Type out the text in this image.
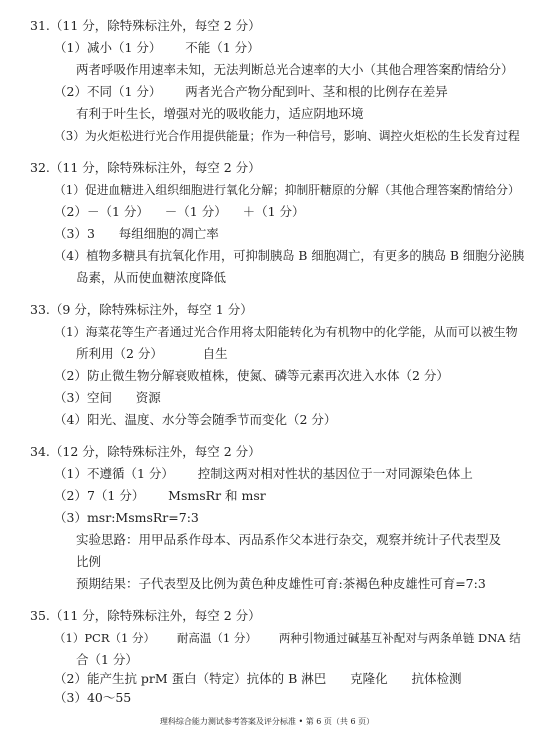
31.（11 分，除特殊标注外，每空 2 分）
（1）减小（1 分）      不能（1 分）
两者呼吸作用速率未知，无法判断总光合速率的大小（其他合理答案酌情给分）
（2）不同（1 分）      两者光合产物分配到叶、茎和根的比例存在差异
有利于叶生长，增强对光的吸收能力，适应阴地环境
（3）为火炬松进行光合作用提供能量；作为一种信号，影响、调控火炬松的生长发育过程
32.（11 分，除特殊标注外，每空 2 分）
（1）促进血糖进入组织细胞进行氧化分解；抑制肝糖原的分解（其他合理答案酌情给分）
（2）－（1 分）    －（1 分）    ＋（1 分）
（3）3      每组细胞的凋亡率
（4）植物多糖具有抗氧化作用，可抑制胰岛 B 细胞凋亡，有更多的胰岛 B 细胞分泌胰
岛素，从而使血糖浓度降低
33.（9 分，除特殊标注外，每空 1 分）
（1）海菜花等生产者通过光合作用将太阳能转化为有机物中的化学能，从而可以被生物
所利用（2 分）          自生
（2）防止微生物分解衰败植株，使氮、磷等元素再次进入水体（2 分）
（3）空间      资源
（4）阳光、温度、水分等会随季节而变化（2 分）
34.（12 分，除特殊标注外，每空 2 分）
（1）不遵循（1 分）      控制这两对相对性状的基因位于一对同源染色体上
（2）7（1 分）      MsmsRr 和 msr
（3）msr:MsmsRr=7:3
实验思路：用甲品系作母本、丙品系作父本进行杂交，观察并统计子代表型及
比例
预期结果：子代表型及比例为黄色种皮雄性可育:茶褐色种皮雄性可育=7:3
35.（11 分，除特殊标注外，每空 2 分）
（1）PCR（1 分）      耐高温（1 分）      两种引物通过碱基互补配对与两条单链 DNA 结
合（1 分）
（2）能产生抗 prM 蛋白（特定）抗体的 B 淋巴      克隆化      抗体检测
（3）40～55
理科综合能力测试参考答案及评分标准 • 第 6 页（共 6 页）
